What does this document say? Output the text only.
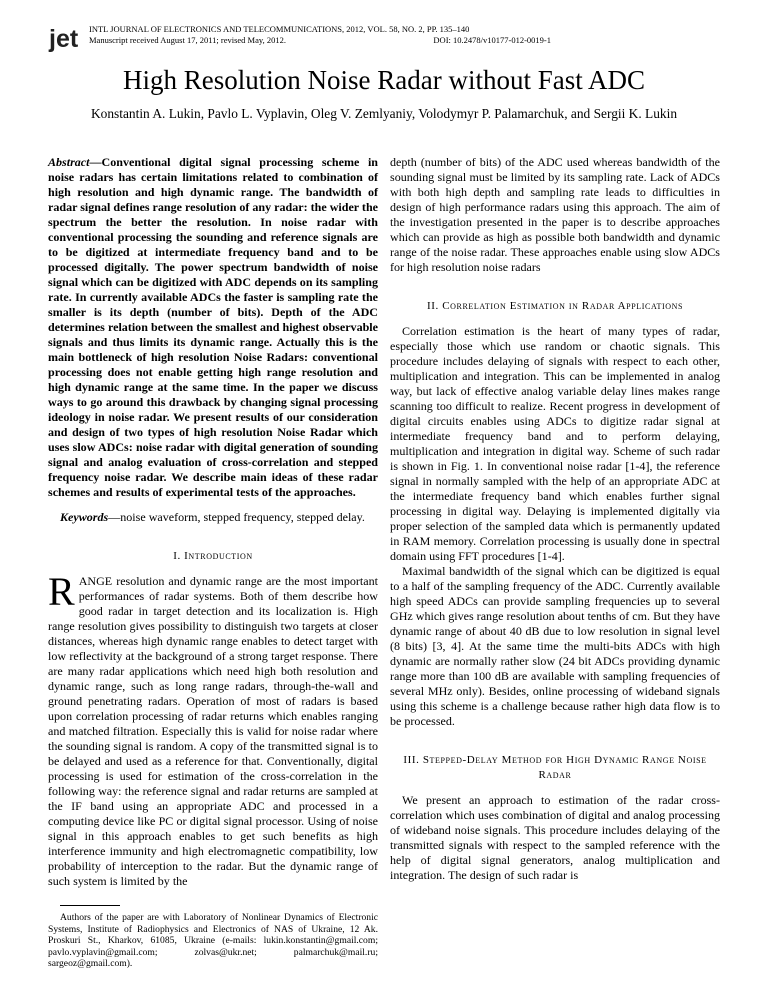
jet INTL JOURNAL OF ELECTRONICS AND TELECOMMUNICATIONS, 2012, VOL. 58, NO. 2, PP. 135–140
Manuscript received August 17, 2011; revised May, 2012.	DOI: 10.2478/v10177-012-0019-1
High Resolution Noise Radar without Fast ADC
Konstantin A. Lukin, Pavlo L. Vyplavin, Oleg V. Zemlyaniy, Volodymyr P. Palamarchuk, and Sergii K. Lukin

Abstract—Conventional digital signal processing scheme in noise radars has certain limitations related to combination of high resolution and high dynamic range. The bandwidth of radar signal defines range resolution of any radar: the wider the spectrum the better the resolution. In noise radar with conventional processing the sounding and reference signals are to be digitized at intermediate frequency band and to be processed digitally. The power spectrum bandwidth of noise signal which can be digitized with ADC depends on its sampling rate. In currently available ADCs the faster is sampling rate the smaller is its depth (number of bits). Depth of the ADC determines relation between the smallest and highest observable signals and thus limits its dynamic range. Actually this is the main bottleneck of high resolution Noise Radars: conventional processing does not enable getting high range resolution and high dynamic range at the same time. In the paper we discuss ways to go around this drawback by changing signal processing ideology in noise radar. We present results of our consideration and design of two types of high resolution Noise Radar which uses slow ADCs: noise radar with digital generation of sounding signal and analog evaluation of cross-correlation and stepped frequency noise radar. We describe main ideas of these radar schemes and results of experimental tests of the approaches.

Keywords—noise waveform, stepped frequency, stepped delay.

I. Introduction

RANGE resolution and dynamic range are the most important performances of radar systems. Both of them describe how good radar in target detection and its localization is. High range resolution gives possibility to distinguish two targets at closer distances, whereas high dynamic range enables to detect target with low reflectivity at the background of a strong target response. There are many radar applications which need high both resolution and dynamic range, such as long range radars, through-the-wall and ground penetrating radars. Operation of most of radars is based upon correlation processing of radar returns which enables ranging and matched filtration. Especially this is valid for noise radar where the sounding signal is random. A copy of the transmitted signal is to be delayed and used as a reference for that. Conventionally, digital processing is used for estimation of the cross-correlation in the following way: the reference signal and radar returns are sampled at the IF band using an appropriate ADC and processed in a computing device like PC or digital signal processor. Using of noise signal in this approach enables to get such benefits as high interference immunity and high electromagnetic compatibility, low probability of interception to the radar. But the dynamic range of such system is limited by the

Authors of the paper are with Laboratory of Nonlinear Dynamics of Electronic Systems, Institute of Radiophysics and Electronics of NAS of Ukraine, 12 Ak. Proskuri St., Kharkov, 61085, Ukraine (e-mails: lukin.konstantin@gmail.com; pavlo.vyplavin@gmail.com; zolvas@ukr.net; palmarchuk@mail.ru; sargeoz@gmail.com).

depth (number of bits) of the ADC used whereas bandwidth of the sounding signal must be limited by its sampling rate. Lack of ADCs with both high depth and sampling rate leads to difficulties in design of high performance radars using this approach. The aim of the investigation presented in the paper is to describe approaches which can provide as high as possible both bandwidth and dynamic range of the noise radar. These approaches enable using slow ADCs for high resolution noise radars

II. Correlation Estimation in Radar Applications

Correlation estimation is the heart of many types of radar, especially those which use random or chaotic signals. This procedure includes delaying of signals with respect to each other, multiplication and integration. This can be implemented in analog way, but lack of effective analog variable delay lines makes range scanning too difficult to realize. Recent progress in development of digital circuits enables using ADCs to digitize radar signal at intermediate frequency band and to perform delaying, multiplication and integration in digital way. Scheme of such radar is shown in Fig. 1. In conventional noise radar [1-4], the reference signal in normally sampled with the help of an appropriate ADC at the intermediate frequency band which enables further signal processing in digital way. Delaying is implemented digitally via proper selection of the sampled data which is permanently updated in RAM memory. Correlation processing is usually done in spectral domain using FFT procedures [1-4].

Maximal bandwidth of the signal which can be digitized is equal to a half of the sampling frequency of the ADC. Currently available high speed ADCs can provide sampling frequencies up to several GHz which gives range resolution about tenths of cm. But they have dynamic range of about 40 dB due to low resolution in signal level (8 bits) [3, 4]. At the same time the multi-bits ADCs with high dynamic are normally rather slow (24 bit ADCs providing dynamic range more than 100 dB are available with sampling frequencies of several MHz only). Besides, online processing of wideband signals using this scheme is a challenge because rather high data flow is to be processed.

III. Stepped-Delay Method for High Dynamic Range Noise Radar

We present an approach to estimation of the radar cross-correlation which uses combination of digital and analog processing of wideband noise signals. This procedure includes delaying of the transmitted signals with respect to the sampled reference with the help of digital signal generators, analog multiplication and integration. The design of such radar is
